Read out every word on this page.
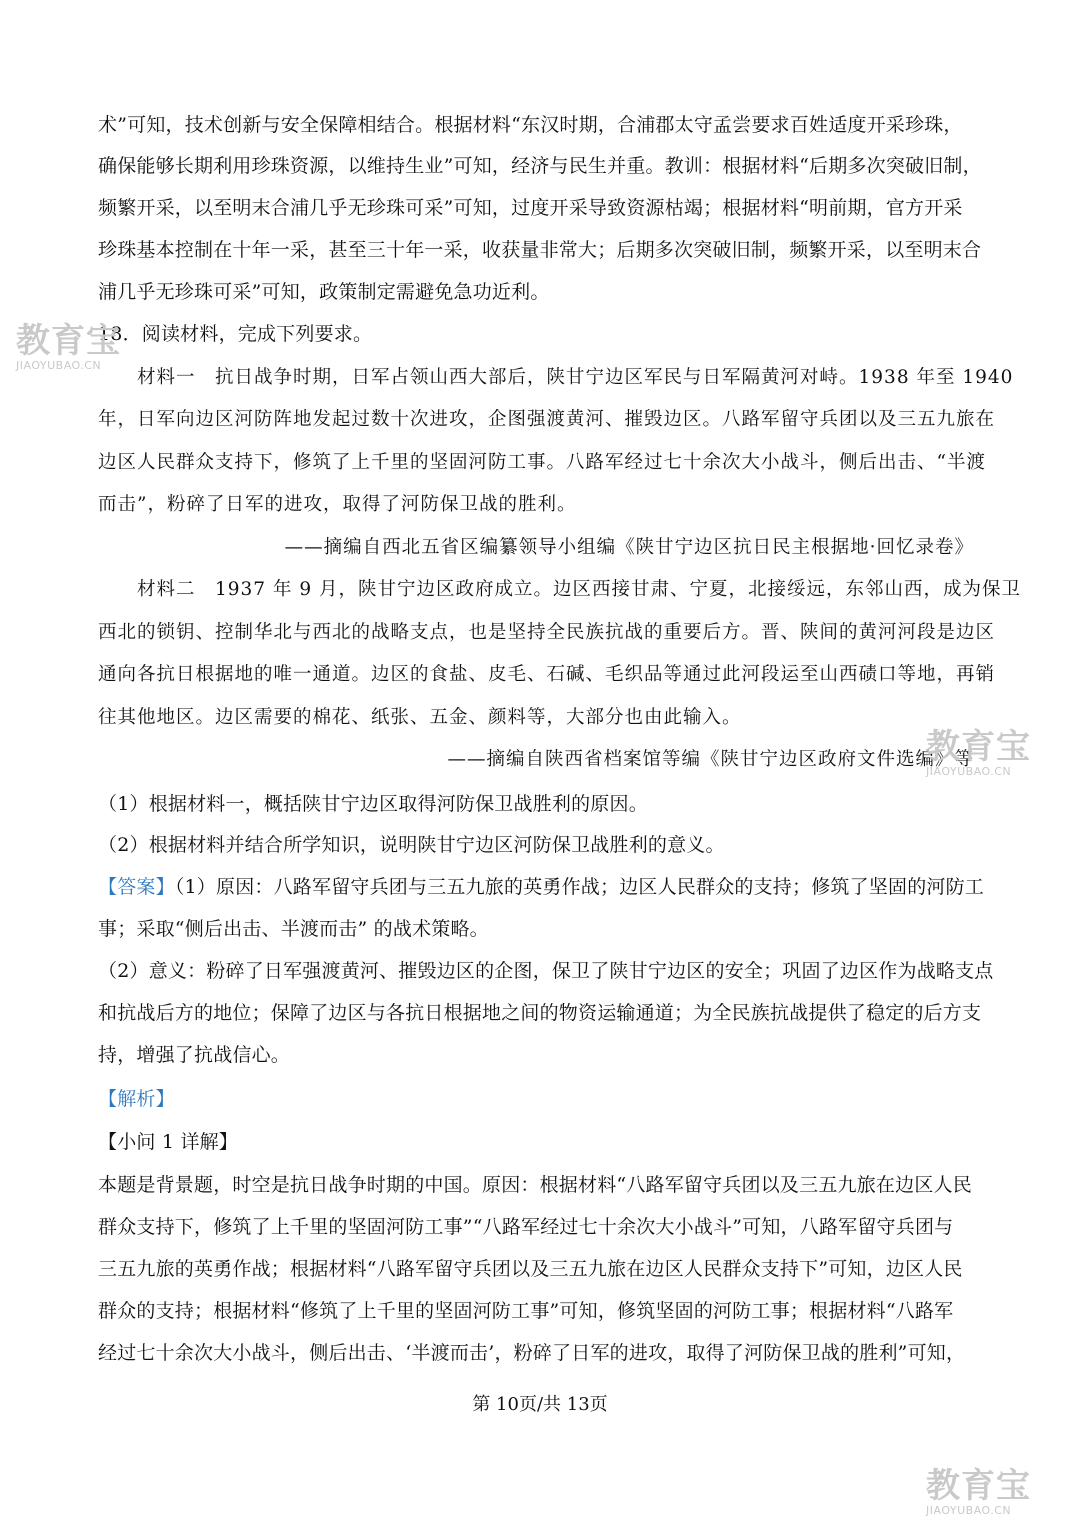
术”可知，技术创新与安全保障相结合。根据材料“东汉时期，合浦郡太守孟尝要求百姓适度开采珍珠，
确保能够长期利用珍珠资源，以维持生业”可知，经济与民生并重。教训：根据材料“后期多次突破旧制，
频繁开采，以至明末合浦几乎无珍珠可采”可知，过度开采导致资源枯竭；根据材料“明前期，官方开采
珍珠基本控制在十年一采，甚至三十年一采，收获量非常大；后期多次突破旧制，频繁开采，以至明末合
浦几乎无珍珠可采”可知，政策制定需避免急功近利。
18．阅读材料，完成下列要求。
　　材料一　抗日战争时期，日军占领山西大部后，陕甘宁边区军民与日军隔黄河对峙。1938 年至 1940
年，日军向边区河防阵地发起过数十次进攻，企图强渡黄河、摧毁边区。八路军留守兵团以及三五九旅在
边区人民群众支持下，修筑了上千里的坚固河防工事。八路军经过七十余次大小战斗，侧后出击、“半渡
而击”，粉碎了日军的进攻，取得了河防保卫战的胜利。
——摘编自西北五省区编纂领导小组编《陕甘宁边区抗日民主根据地·回忆录卷》
　　材料二　1937 年 9 月，陕甘宁边区政府成立。边区西接甘肃、宁夏，北接绥远，东邻山西，成为保卫
西北的锁钥、控制华北与西北的战略支点，也是坚持全民族抗战的重要后方。晋、陕间的黄河河段是边区
通向各抗日根据地的唯一通道。边区的食盐、皮毛、石碱、毛织品等通过此河段运至山西碛口等地，再销
往其他地区。边区需要的棉花、纸张、五金、颜料等，大部分也由此输入。
——摘编自陕西省档案馆等编《陕甘宁边区政府文件选编》等
（1）根据材料一，概括陕甘宁边区取得河防保卫战胜利的原因。
（2）根据材料并结合所学知识，说明陕甘宁边区河防保卫战胜利的意义。
【答案】（1）原因：八路军留守兵团与三五九旅的英勇作战；边区人民群众的支持；修筑了坚固的河防工
事；采取“侧后出击、半渡而击” 的战术策略。
（2）意义：粉碎了日军强渡黄河、摧毁边区的企图，保卫了陕甘宁边区的安全；巩固了边区作为战略支点
和抗战后方的地位；保障了边区与各抗日根据地之间的物资运输通道；为全民族抗战提供了稳定的后方支
持，增强了抗战信心。
【解析】
【小问 1 详解】
本题是背景题，时空是抗日战争时期的中国。原因：根据材料“八路军留守兵团以及三五九旅在边区人民
群众支持下，修筑了上千里的坚固河防工事”“八路军经过七十余次大小战斗”可知，八路军留守兵团与
三五九旅的英勇作战；根据材料“八路军留守兵团以及三五九旅在边区人民群众支持下”可知，边区人民
群众的支持；根据材料“修筑了上千里的坚固河防工事”可知，修筑坚固的河防工事；根据材料“八路军
经过七十余次大小战斗，侧后出击、‘半渡而击’，粉碎了日军的进攻，取得了河防保卫战的胜利”可知，
第 10页/共 13页
教育宝
JIAOYUBAO.CN
教育宝
JIAOYUBAO.CN
教育宝
JIAOYUBAO.CN
